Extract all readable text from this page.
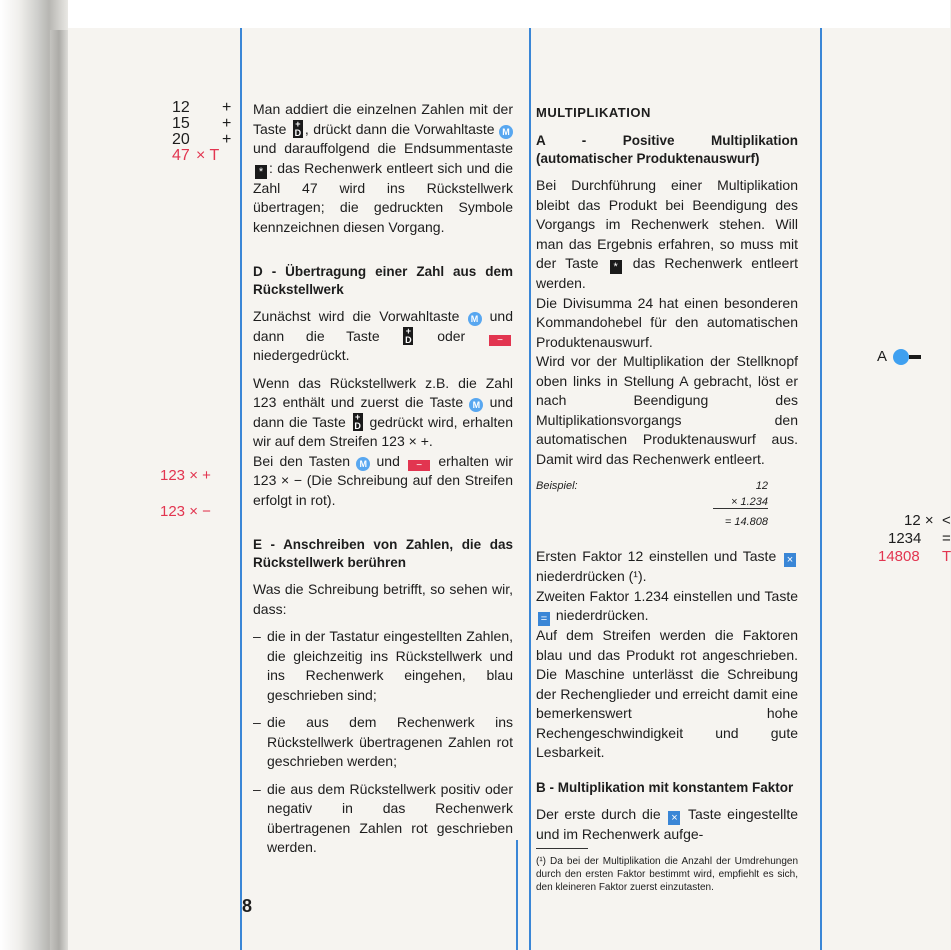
12 +
15 +
20 +
47 × T
123 × +
123 × −

Man addiert die einzelnen Zahlen mit der Taste +
D , drückt dann die Vorwahltaste M und darauffolgend die Endsummentaste * : das Rechenwerk entleert sich und die Zahl 47 wird ins Rückstellwerk übertragen; die gedruckten Symbole kennzeichnen diesen Vorgang.

D - Übertragung einer Zahl aus dem Rückstellwerk

Zunächst wird die Vorwahltaste M und dann die Taste	+
D oder	− niedergedrückt.

Wenn das Rückstellwerk z.B. die Zahl 123 enthält und zuerst die Taste M und dann die Taste +
D gedrückt wird, erhalten wir auf dem Streifen 123 × +.

Bei den Tasten M und − erhalten wir 123 × − (Die Schreibung auf den Streifen erfolgt in rot).

E - Anschreiben von Zahlen, die das Rückstellwerk berühren

Was die Schreibung betrifft, so sehen wir, dass:

– die in der Tastatur eingestellten Zahlen, die gleichzeitig ins Rückstellwerk und ins Rechenwerk eingehen, blau geschrieben sind;
– die aus dem Rechenwerk ins Rückstellwerk übertragenen Zahlen rot geschrieben werden;
– die aus dem Rückstellwerk positiv oder negativ in das Rechenwerk übertragenen Zahlen rot geschrieben werden.
8
MULTIPLIKATION
A - Positive Multiplikation (automatischer Produktenauswurf)

Bei Durchführung einer Multiplikation bleibt das Produkt bei Beendigung des Vorgangs im Rechenwerk stehen. Will man das Ergebnis erfahren, so muss mit der Taste * das Rechenwerk entleert werden.

Die Divisumma 24 hat einen besonderen Kommandohebel für den automatischen Produktenauswurf.

Wird vor der Multiplikation der Stellknopf oben links in Stellung A gebracht, löst er nach Beendigung des Multiplikationsvorgangs den automatischen Produktenauswurf aus. Damit wird das Rechenwerk entleert.

Beispiel:	12
× 1.234
= 14.808

Ersten Faktor 12 einstellen und Taste × niederdrücken (¹).

Zweiten Faktor 1.234 einstellen und Taste = niederdrücken.

Auf dem Streifen werden die Faktoren blau und das Produkt rot angeschrieben. Die Maschine unterlässt die Schreibung der Rechenglieder und erreicht damit eine bemerkenswert hohe Rechengeschwindigkeit und gute Lesbarkeit.

B - Multiplikation mit konstantem Faktor

Der erste durch die × Taste eingestellte und im Rechenwerk aufge-

(¹) Da bei der Multiplikation die Anzahl der Umdrehungen durch den ersten Faktor bestimmt wird, empfiehlt es sich, den kleineren Faktor zuerst einzutasten.
A
12 × <
1234 =
14808 T
